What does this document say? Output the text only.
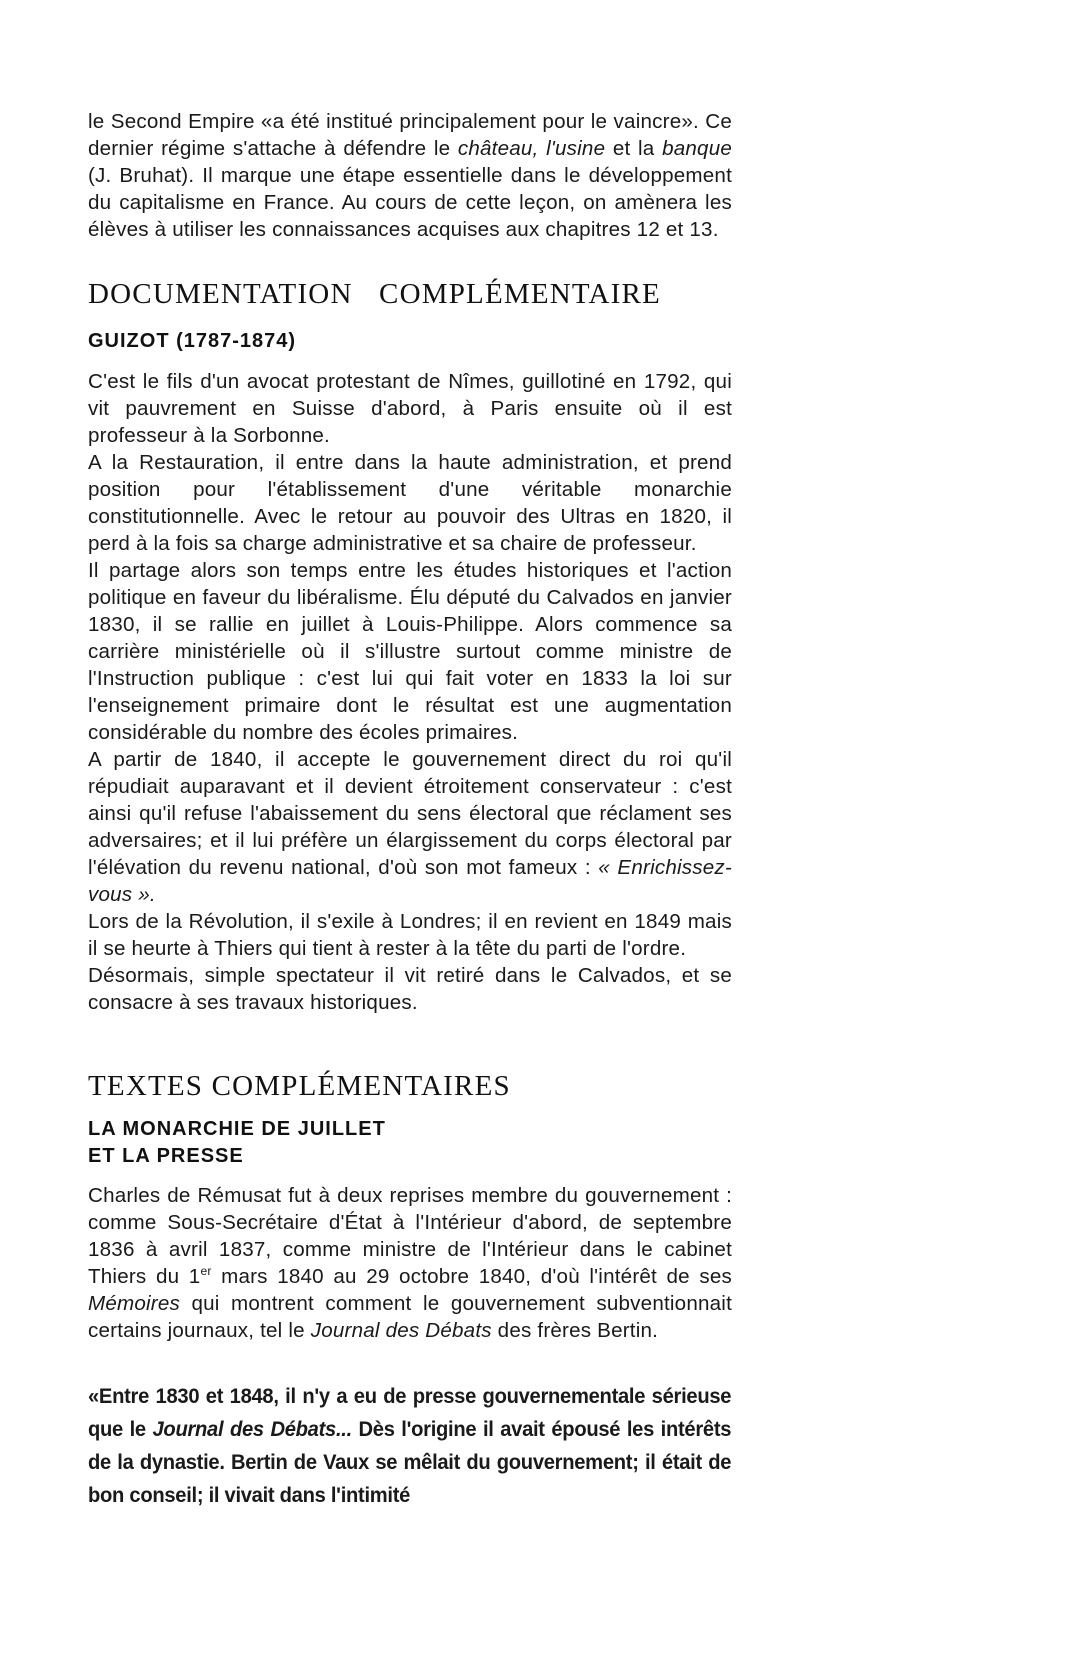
le Second Empire «a été institué principalement pour le vaincre». Ce dernier régime s'attache à défendre le château, l'usine et la banque (J. Bruhat). Il marque une étape essentielle dans le développement du capitalisme en France. Au cours de cette leçon, on amènera les élèves à utiliser les connaissances acquises aux chapitres 12 et 13.

DOCUMENTATION COMPLÉMENTAIRE
GUIZOT (1787-1874)

C'est le fils d'un avocat protestant de Nîmes, guillotiné en 1792, qui vit pauvrement en Suisse d'abord, à Paris ensuite où il est professeur à la Sorbonne.

A la Restauration, il entre dans la haute administration, et prend position pour l'établissement d'une véritable monarchie constitutionnelle. Avec le retour au pouvoir des Ultras en 1820, il perd à la fois sa charge administrative et sa chaire de professeur.

Il partage alors son temps entre les études historiques et l'action politique en faveur du libéralisme. Élu député du Calvados en janvier 1830, il se rallie en juillet à Louis-Philippe. Alors commence sa carrière ministérielle où il s'illustre surtout comme ministre de l'Instruction publique : c'est lui qui fait voter en 1833 la loi sur l'enseignement primaire dont le résultat est une augmentation considérable du nombre des écoles primaires.

A partir de 1840, il accepte le gouvernement direct du roi qu'il répudiait auparavant et il devient étroitement conservateur : c'est ainsi qu'il refuse l'abaissement du sens électoral que réclament ses adversaires; et il lui préfère un élargissement du corps électoral par l'élévation du revenu national, d'où son mot fameux : « Enrichissez-vous ».

Lors de la Révolution, il s'exile à Londres; il en revient en 1849 mais il se heurte à Thiers qui tient à rester à la tête du parti de l'ordre.

Désormais, simple spectateur il vit retiré dans le Calvados, et se consacre à ses travaux historiques.

TEXTES COMPLÉMENTAIRES
LA MONARCHIE DE JUILLET
ET LA PRESSE

Charles de Rémusat fut à deux reprises membre du gouvernement : comme Sous-Secrétaire d'État à l'Intérieur d'abord, de septembre 1836 à avril 1837, comme ministre de l'Intérieur dans le cabinet Thiers du 1er mars 1840 au 29 octobre 1840, d'où l'intérêt de ses Mémoires qui montrent comment le gouvernement subventionnait certains journaux, tel le Journal des Débats des frères Bertin.

«Entre 1830 et 1848, il n'y a eu de presse gouvernementale sérieuse que le Journal des Débats... Dès l'origine il avait épousé les intérêts de la dynastie. Bertin de Vaux se mêlait du gouvernement; il était de bon conseil; il vivait dans l'intimité
